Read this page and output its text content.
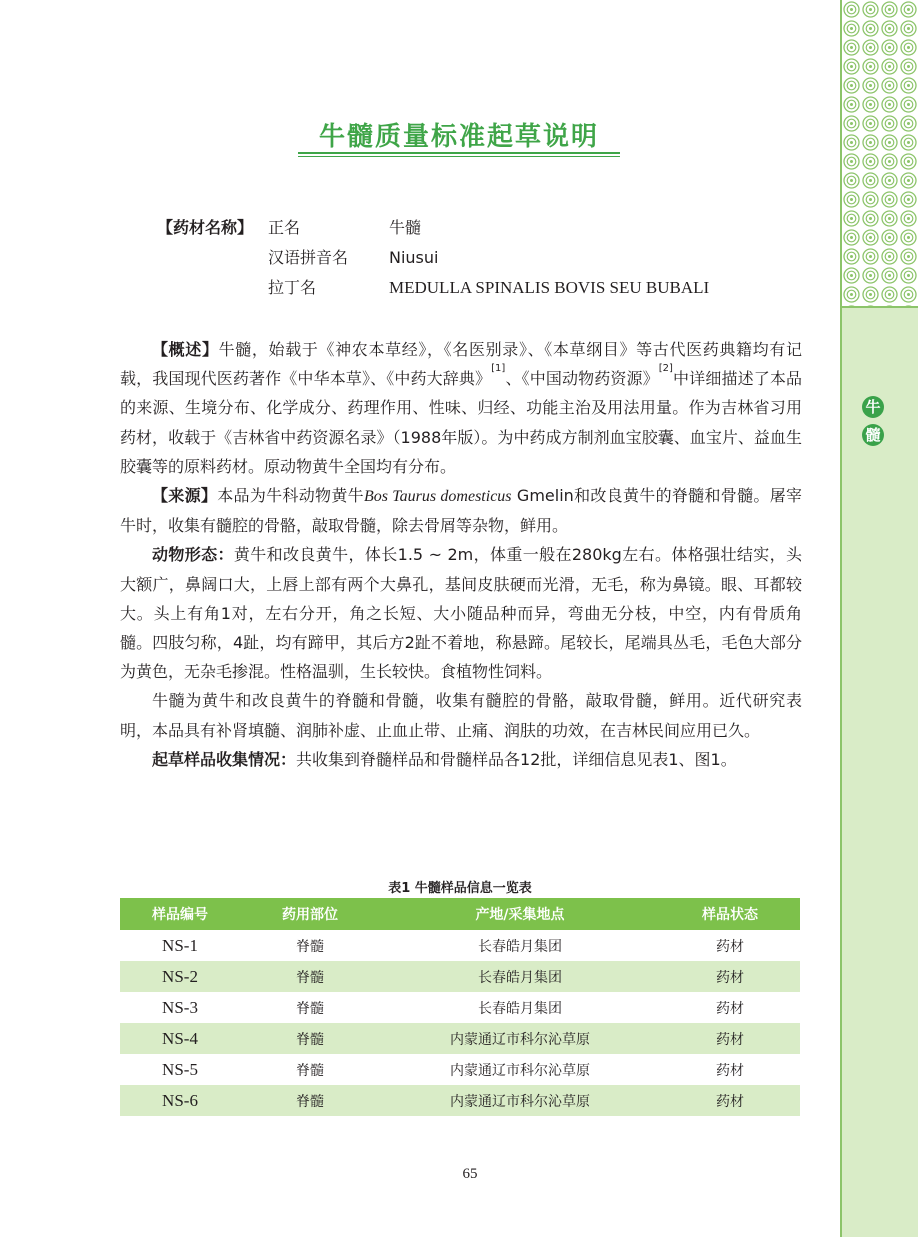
牛
髓
牛髓质量标准起草说明
【药材名称】 正名	牛髓
汉语拼音名	Niusui
拉丁名	MEDULLA SPINALIS BOVIS SEU BUBALI

【概述】牛髓，始载于《神农本草经》，《名医别录》、《本草纲目》等古代医药典籍均有记载，我国现代医药著作《中华本草》、《中药大辞典》[1]、《中国动物药资源》[2]中详细描述了本品的来源、生境分布、化学成分、药理作用、性味、归经、功能主治及用法用量。作为吉林省习用药材，收载于《吉林省中药资源名录》（1988年版）。为中药成方制剂血宝胶囊、血宝片、益血生胶囊等的原料药材。原动物黄牛全国均有分布。

【来源】本品为牛科动物黄牛Bos Taurus domesticus Gmelin和改良黄牛的脊髓和骨髓。屠宰牛时，收集有髓腔的骨骼，敲取骨髓，除去骨屑等杂物，鲜用。

动物形态：黄牛和改良黄牛，体长1.5 ~ 2m，体重一般在280kg左右。体格强壮结实，头大额广，鼻阔口大，上唇上部有两个大鼻孔，基间皮肤硬而光滑，无毛，称为鼻镜。眼、耳都较大。头上有角1对，左右分开，角之长短、大小随品种而异，弯曲无分枝，中空，内有骨质角髓。四肢匀称，4趾，均有蹄甲，其后方2趾不着地，称悬蹄。尾较长，尾端具丛毛，毛色大部分为黄色，无杂毛掺混。性格温驯，生长较快。食植物性饲料。

牛髓为黄牛和改良黄牛的脊髓和骨髓，收集有髓腔的骨骼，敲取骨髓，鲜用。近代研究表明，本品具有补肾填髓、润肺补虚、止血止带、止痛、润肤的功效，在吉林民间应用已久。

起草样品收集情况：共收集到脊髓样品和骨髓样品各12批，详细信息见表1、图1。

表1 牛髓样品信息一览表
样品编号	药用部位	产地/采集地点	样品状态
NS-1	脊髓	长春皓月集团	药材
NS-2	脊髓	长春皓月集团	药材
NS-3	脊髓	长春皓月集团	药材
NS-4	脊髓	内蒙通辽市科尔沁草原	药材
NS-5	脊髓	内蒙通辽市科尔沁草原	药材
NS-6	脊髓	内蒙通辽市科尔沁草原	药材
65
